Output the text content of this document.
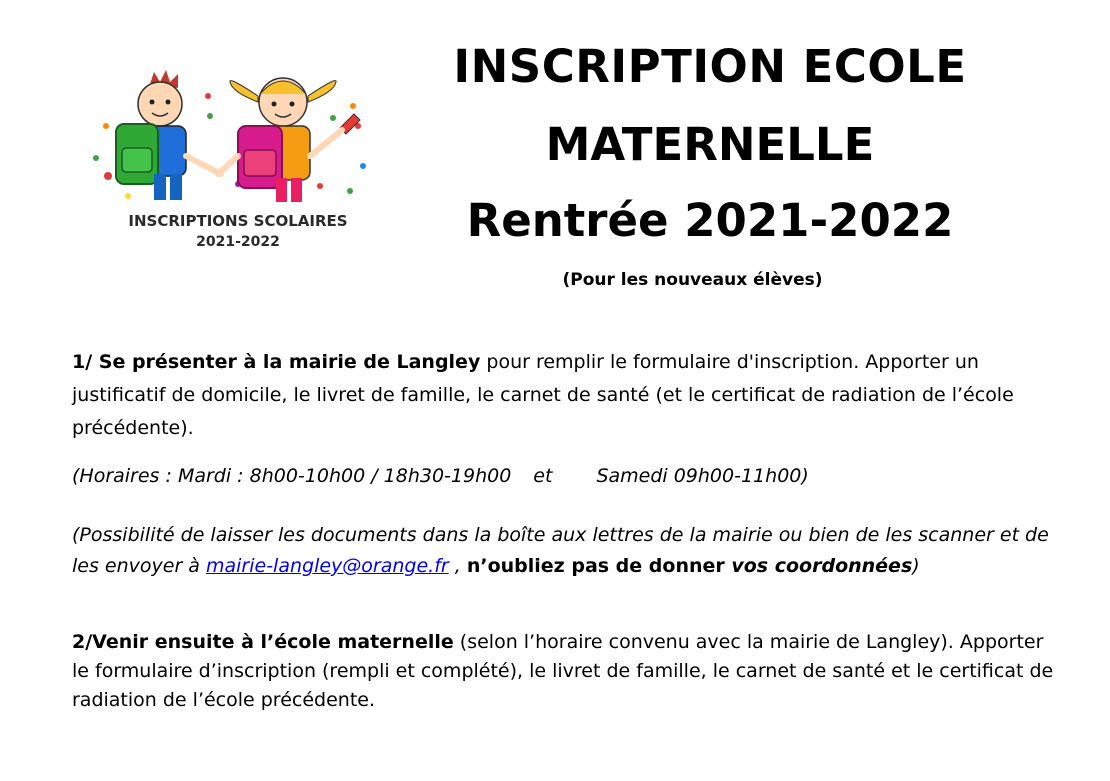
INSCRIPTIONS SCOLAIRES
2021-2022
INSCRIPTION ECOLE
MATERNELLE
Rentrée 2021-2022
(Pour les nouveaux élèves)
1/ Se présenter à la mairie de Langley pour remplir le formulaire d'inscription. Apporter un justificatif de domicile, le livret de famille, le carnet de santé (et le certificat de radiation de l’école précédente).
(Horaires : Mardi : 8h00-10h00 / 18h30-19h00 et Samedi 09h00-11h00)
(Possibilité de laisser les documents dans la boîte aux lettres de la mairie ou bien de les scanner et de les envoyer à mairie-langley@orange.fr , n’oubliez pas de donner vos coordonnées)
2/Venir ensuite à l’école maternelle (selon l’horaire convenu avec la mairie de Langley). Apporter le formulaire d’inscription (rempli et complété), le livret de famille, le carnet de santé et le certificat de radiation de l’école précédente.
